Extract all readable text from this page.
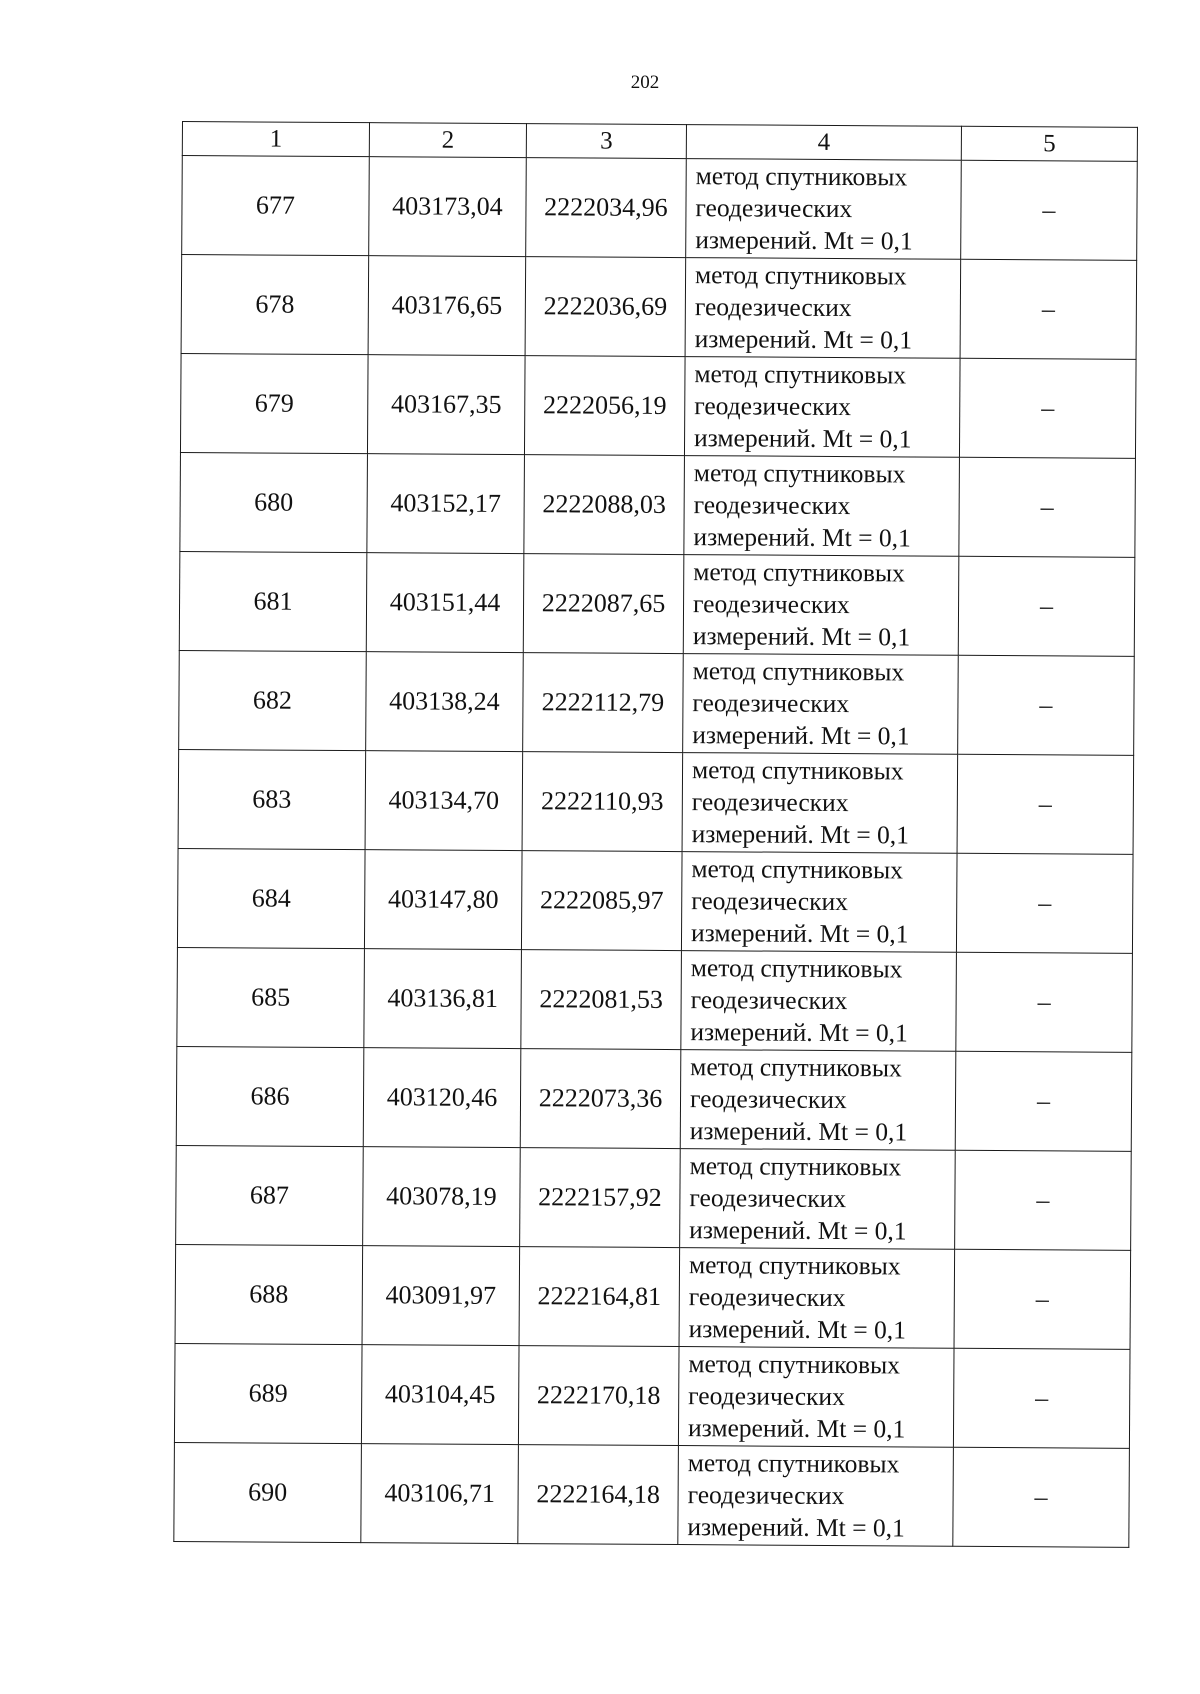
202
1	2	3	4	5
677	403173,04	2222034,96	метод спутниковых
геодезических
измерений. Mt = 0,1	–
678	403176,65	2222036,69	метод спутниковых
геодезических
измерений. Mt = 0,1	–
679	403167,35	2222056,19	метод спутниковых
геодезических
измерений. Mt = 0,1	–
680	403152,17	2222088,03	метод спутниковых
геодезических
измерений. Mt = 0,1	–
681	403151,44	2222087,65	метод спутниковых
геодезических
измерений. Mt = 0,1	–
682	403138,24	2222112,79	метод спутниковых
геодезических
измерений. Mt = 0,1	–
683	403134,70	2222110,93	метод спутниковых
геодезических
измерений. Mt = 0,1	–
684	403147,80	2222085,97	метод спутниковых
геодезических
измерений. Mt = 0,1	–
685	403136,81	2222081,53	метод спутниковых
геодезических
измерений. Mt = 0,1	–
686	403120,46	2222073,36	метод спутниковых
геодезических
измерений. Mt = 0,1	–
687	403078,19	2222157,92	метод спутниковых
геодезических
измерений. Mt = 0,1	–
688	403091,97	2222164,81	метод спутниковых
геодезических
измерений. Mt = 0,1	–
689	403104,45	2222170,18	метод спутниковых
геодезических
измерений. Mt = 0,1	–
690	403106,71	2222164,18	метод спутниковых
геодезических
измерений. Mt = 0,1	–
